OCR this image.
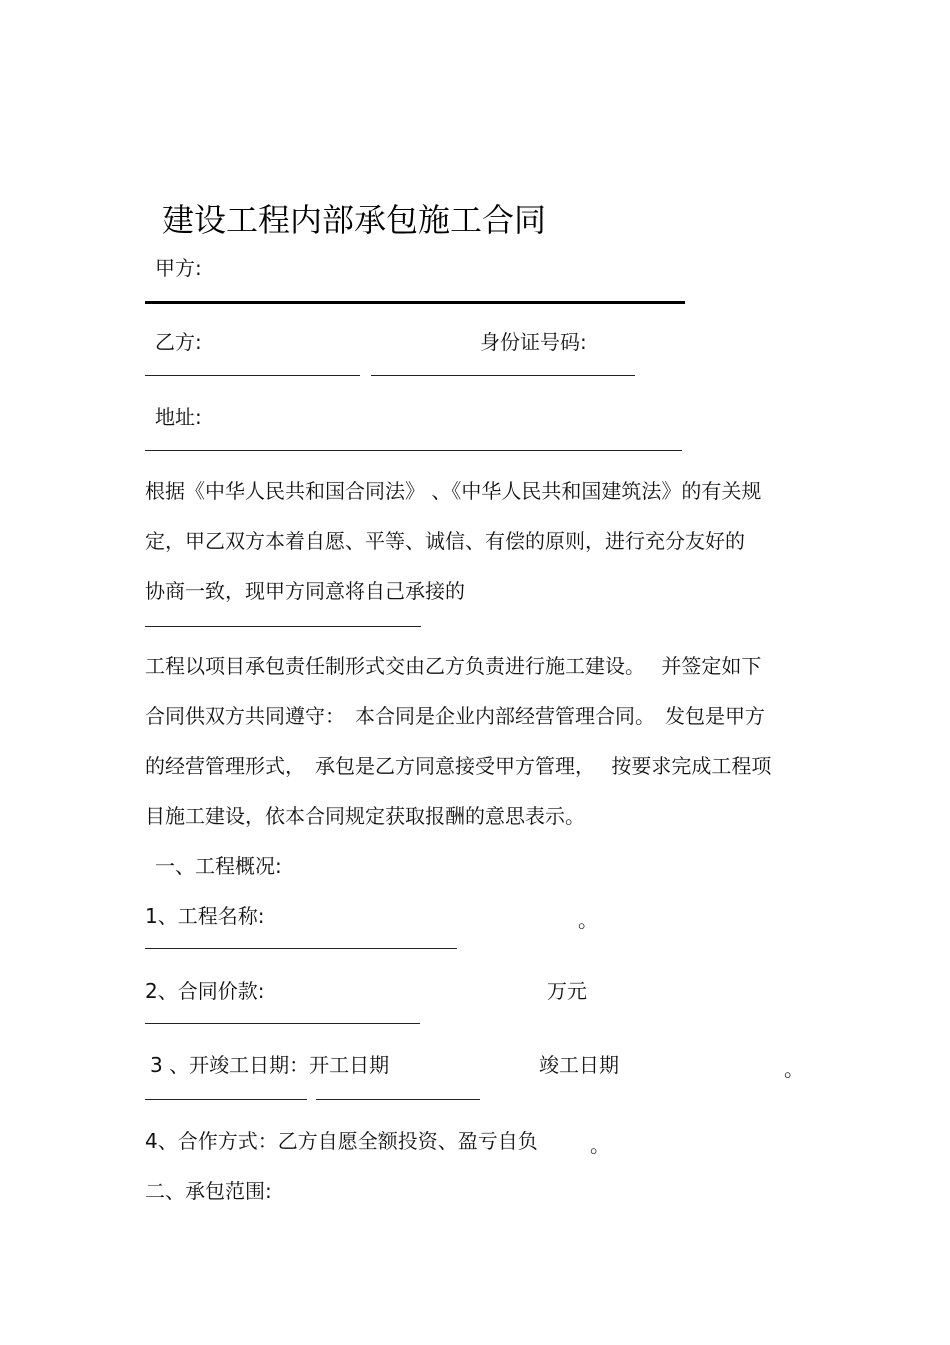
建设工程内部承包施工合同
甲方:
乙方:	身份证号码:
地址:
根据《中华人民共和国合同法》 、《中华人民共和国建筑法》的有关规
定，甲乙双方本着自愿、平等、诚信、有偿的原则，进行充分友好的
协商一致，现甲方同意将自己承接的
工程以项目承包责任制形式交由乙方负责进行施工建设。　 并签定如下
合同供双方共同遵守：　本合同是企业内部经营管理合同。　发包是甲方
的经营管理形式，　承包是乙方同意接受甲方管理，　 按要求完成工程项
目施工建设，依本合同规定获取报酬的意思表示。
一、工程概况:
1、工程名称:	。
2、合同价款:	万元
3 、开竣工日期：开工日期	竣工日期	。
4、合作方式：乙方自愿全额投资、盈亏自负	。
二、承包范围:
